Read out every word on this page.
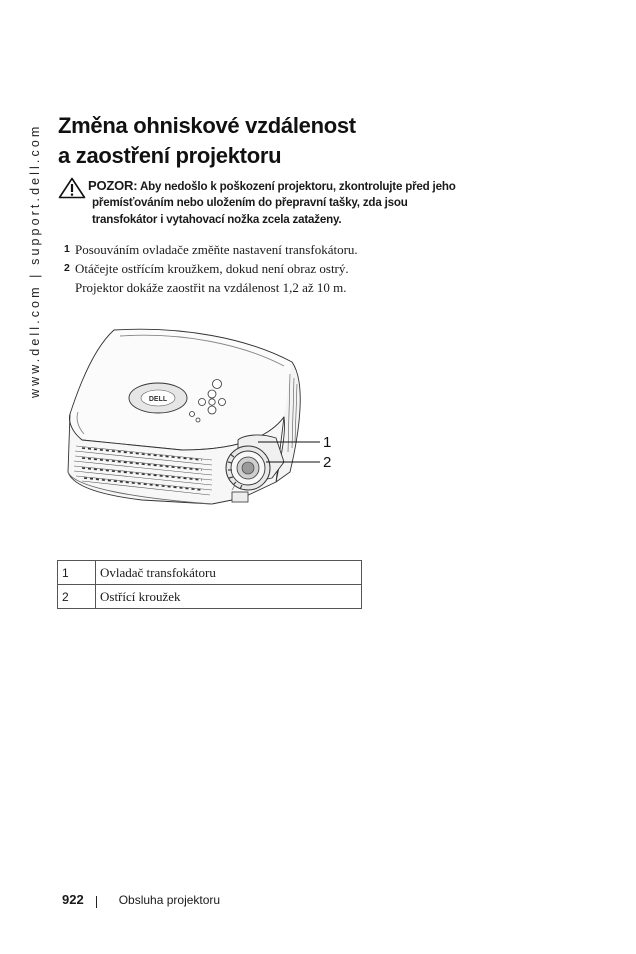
www.dell.com | support.dell.com Změna ohniskové vzdálenost
a zaostření projektoru
POZOR: Aby nedošlo k poškození projektoru, zkontrolujte před jeho
přemísťováním nebo uložením do přepravní tašky, zda jsou
transfokátor i vytahovací nožka zcela zataženy.
1 Posouváním ovladače změňte nastavení transfokátoru.
2 Otáčejte ostřícím kroužkem, dokud není obraz ostrý.
Projektor dokáže zaostřit na vzdálenost 1,2 až 10 m.
DELL
1
2
1	Ovladač transfokátoru
2	Ostřící kroužek
922	Obsluha projektoru
